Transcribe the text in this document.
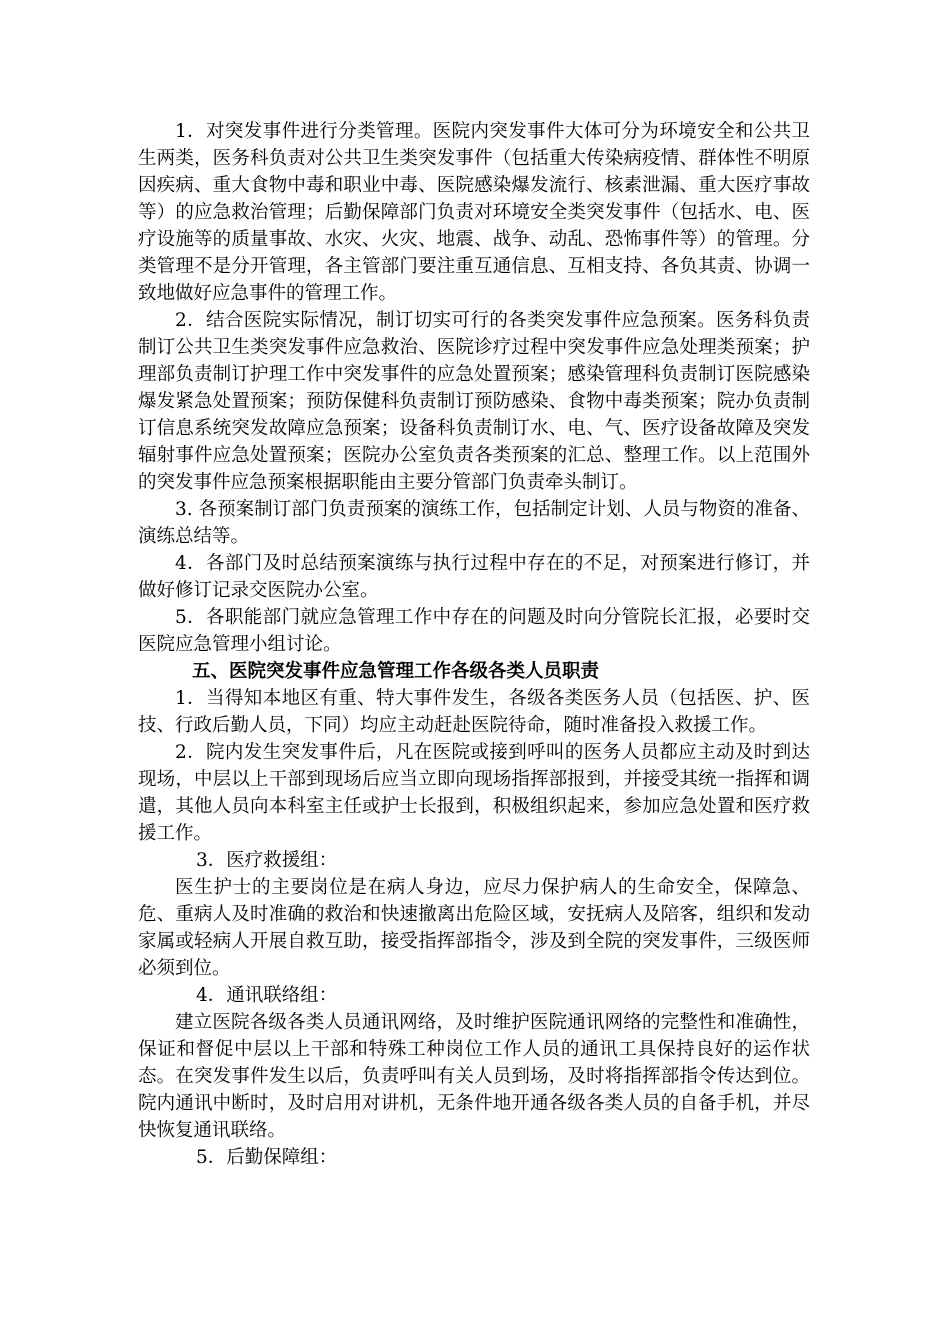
1．对突发事件进行分类管理。医院内突发事件大体可分为环境安全和公共卫生两类，医务科负责对公共卫生类突发事件（包括重大传染病疫情、群体性不明原因疾病、重大食物中毒和职业中毒、医院感染爆发流行、核素泄漏、重大医疗事故等）的应急救治管理；后勤保障部门负责对环境安全类突发事件（包括水、电、医疗设施等的质量事故、水灾、火灾、地震、战争、动乱、恐怖事件等）的管理。分类管理不是分开管理，各主管部门要注重互通信息、互相支持、各负其责、协调一致地做好应急事件的管理工作。

2．结合医院实际情况，制订切实可行的各类突发事件应急预案。医务科负责制订公共卫生类突发事件应急救治、医院诊疗过程中突发事件应急处理类预案；护理部负责制订护理工作中突发事件的应急处置预案；感染管理科负责制订医院感染爆发紧急处置预案；预防保健科负责制订预防感染、食物中毒类预案；院办负责制订信息系统突发故障应急预案；设备科负责制订水、电、气、医疗设备故障及突发辐射事件应急处置预案；医院办公室负责各类预案的汇总、整理工作。以上范围外的突发事件应急预案根据职能由主要分管部门负责牵头制订。

3. 各预案制订部门负责预案的演练工作，包括制定计划、人员与物资的准备、演练总结等。

4．各部门及时总结预案演练与执行过程中存在的不足，对预案进行修订，并做好修订记录交医院办公室。

5．各职能部门就应急管理工作中存在的问题及时向分管院长汇报，必要时交医院应急管理小组讨论。

五、医院突发事件应急管理工作各级各类人员职责

1．当得知本地区有重、特大事件发生，各级各类医务人员（包括医、护、医技、行政后勤人员，下同）均应主动赶赴医院待命，随时准备投入救援工作。

2．院内发生突发事件后，凡在医院或接到呼叫的医务人员都应主动及时到达现场，中层以上干部到现场后应当立即向现场指挥部报到，并接受其统一指挥和调遣，其他人员向本科室主任或护士长报到，积极组织起来，参加应急处置和医疗救援工作。

3．医疗救援组：

医生护士的主要岗位是在病人身边，应尽力保护病人的生命安全，保障急、危、重病人及时准确的救治和快速撤离出危险区域，安抚病人及陪客，组织和发动家属或轻病人开展自救互助，接受指挥部指令，涉及到全院的突发事件，三级医师必须到位。

4．通讯联络组：

建立医院各级各类人员通讯网络，及时维护医院通讯网络的完整性和准确性，保证和督促中层以上干部和特殊工种岗位工作人员的通讯工具保持良好的运作状态。在突发事件发生以后，负责呼叫有关人员到场，及时将指挥部指令传达到位。院内通讯中断时，及时启用对讲机，无条件地开通各级各类人员的自备手机，并尽快恢复通讯联络。

5．后勤保障组：
